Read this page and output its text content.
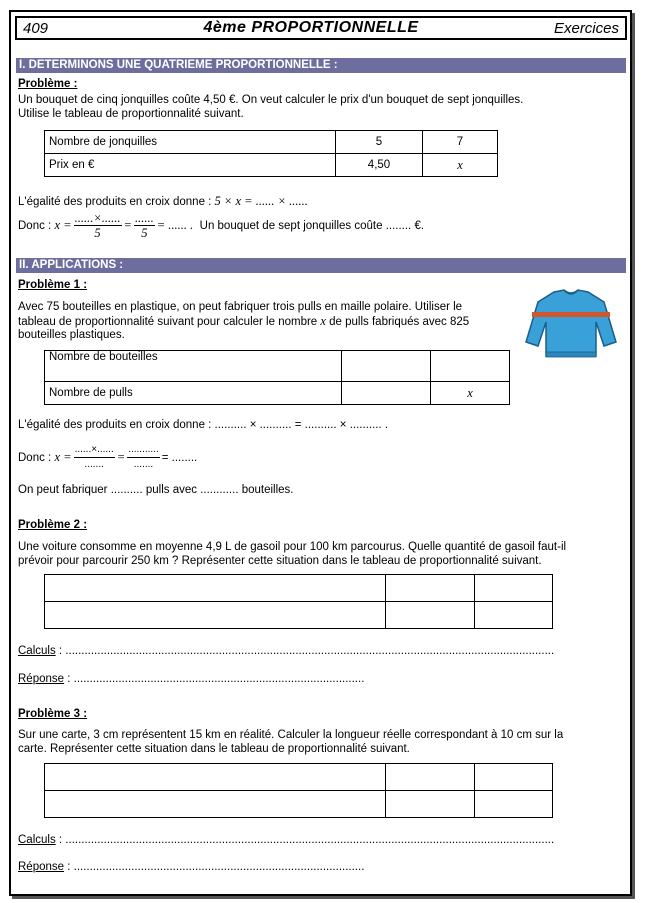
409	4ème PROPORTIONNELLE	Exercices
I. DETERMINONS UNE QUATRIEME PROPORTIONNELLE :
Problème :
Un bouquet de cinq jonquilles coûte 4,50 €. On veut calculer le prix d'un bouquet de sept jonquilles.
Utilise le tableau de proportionnalité suivant.
Nombre de jonquilles	5	7
Prix en €	4,50	x
L'égalité des produits en croix donne : 5 × x = ...... × ......
Donc :
$x = \frac{......\times......}{5} = \frac{......}{5}$ = ...... .
Un bouquet de sept jonquilles coûte ........ €.
II. APPLICATIONS :
Problème 1 :
Avec 75 bouteilles en plastique, on peut fabriquer trois pulls en maille polaire. Utiliser le
tableau de proportionnalité suivant pour calculer le nombre x de pulls fabriqués avec 825
bouteilles plastiques.
Nombre de bouteilles		
Nombre de pulls		x
L'égalité des produits en croix donne : .......... × .......... = .......... × .......... .
Donc :
$x = \frac{......\times......}{.......} = \frac{...........}{.......}$ = ........
On peut fabriquer .......... pulls avec ............ bouteilles.
Problème 2 :
Une voiture consomme en moyenne 4,9 L de gasoil pour 100 km parcourus. Quelle quantité de gasoil faut-il
prévoir pour parcourir 250 km ? Représenter cette situation dans le tableau de proportionnalité suivant.

Calculs : .........................................................................................................................................................
Réponse : ...........................................................................................
Problème 3 :
Sur une carte, 3 cm représentent 15 km en réalité. Calculer la longueur réelle correspondant à 10 cm sur la
carte. Représenter cette situation dans le tableau de proportionnalité suivant.

Calculs : .........................................................................................................................................................
Réponse : ...........................................................................................
